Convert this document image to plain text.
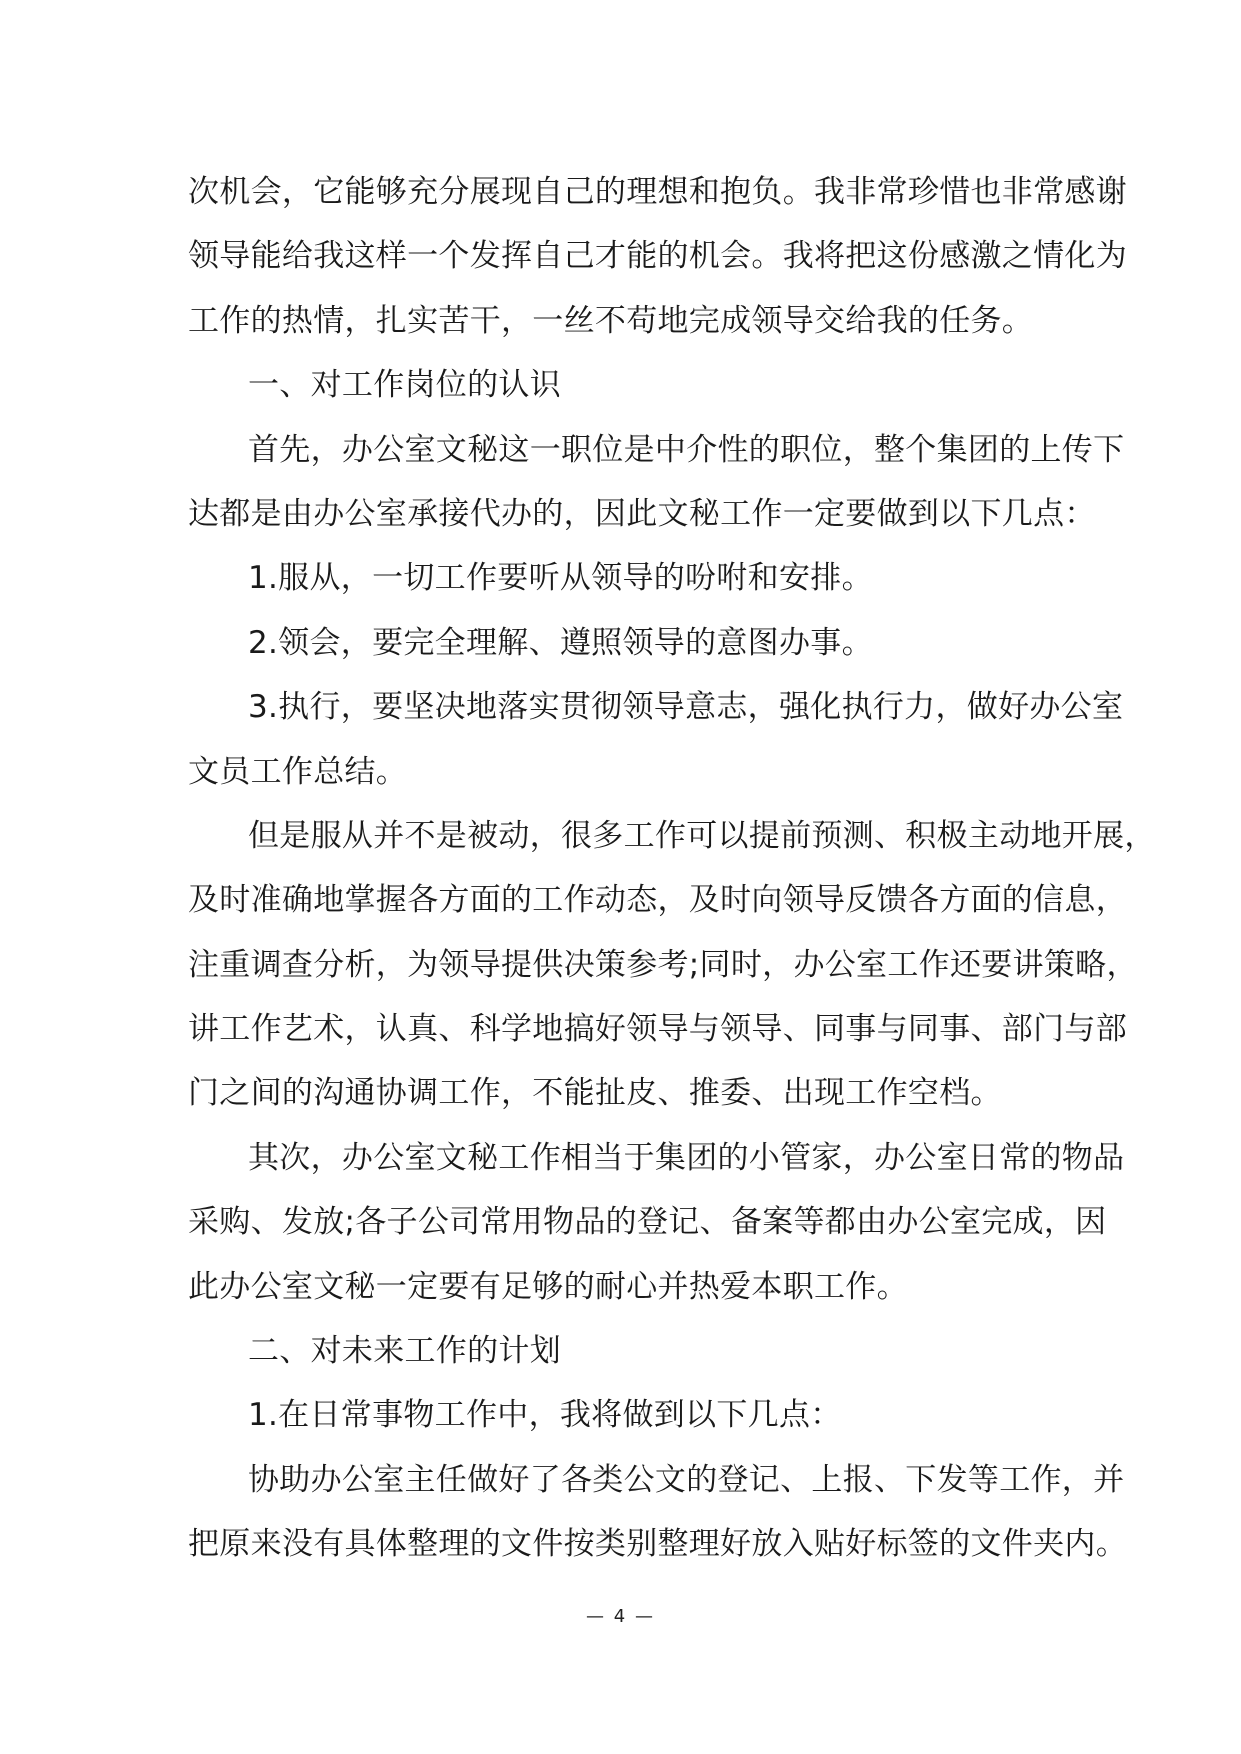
次机会，它能够充分展现自己的理想和抱负。我非常珍惜也非常感谢
领导能给我这样一个发挥自己才能的机会。我将把这份感激之情化为
工作的热情，扎实苦干，一丝不苟地完成领导交给我的任务。
一、对工作岗位的认识
首先，办公室文秘这一职位是中介性的职位，整个集团的上传下
达都是由办公室承接代办的，因此文秘工作一定要做到以下几点：
1.服从，一切工作要听从领导的吩咐和安排。
2.领会，要完全理解、遵照领导的意图办事。
3.执行，要坚决地落实贯彻领导意志，强化执行力，做好办公室
文员工作总结。
但是服从并不是被动，很多工作可以提前预测、积极主动地开展，
及时准确地掌握各方面的工作动态，及时向领导反馈各方面的信息，
注重调查分析，为领导提供决策参考;同时，办公室工作还要讲策略，
讲工作艺术，认真、科学地搞好领导与领导、同事与同事、部门与部
门之间的沟通协调工作，不能扯皮、推委、出现工作空档。
其次，办公室文秘工作相当于集团的小管家，办公室日常的物品
采购、发放;各子公司常用物品的登记、备案等都由办公室完成，因
此办公室文秘一定要有足够的耐心并热爱本职工作。
二、对未来工作的计划
1.在日常事物工作中，我将做到以下几点：
协助办公室主任做好了各类公文的登记、上报、下发等工作，并
把原来没有具体整理的文件按类别整理好放入贴好标签的文件夹内。
— 4 —
